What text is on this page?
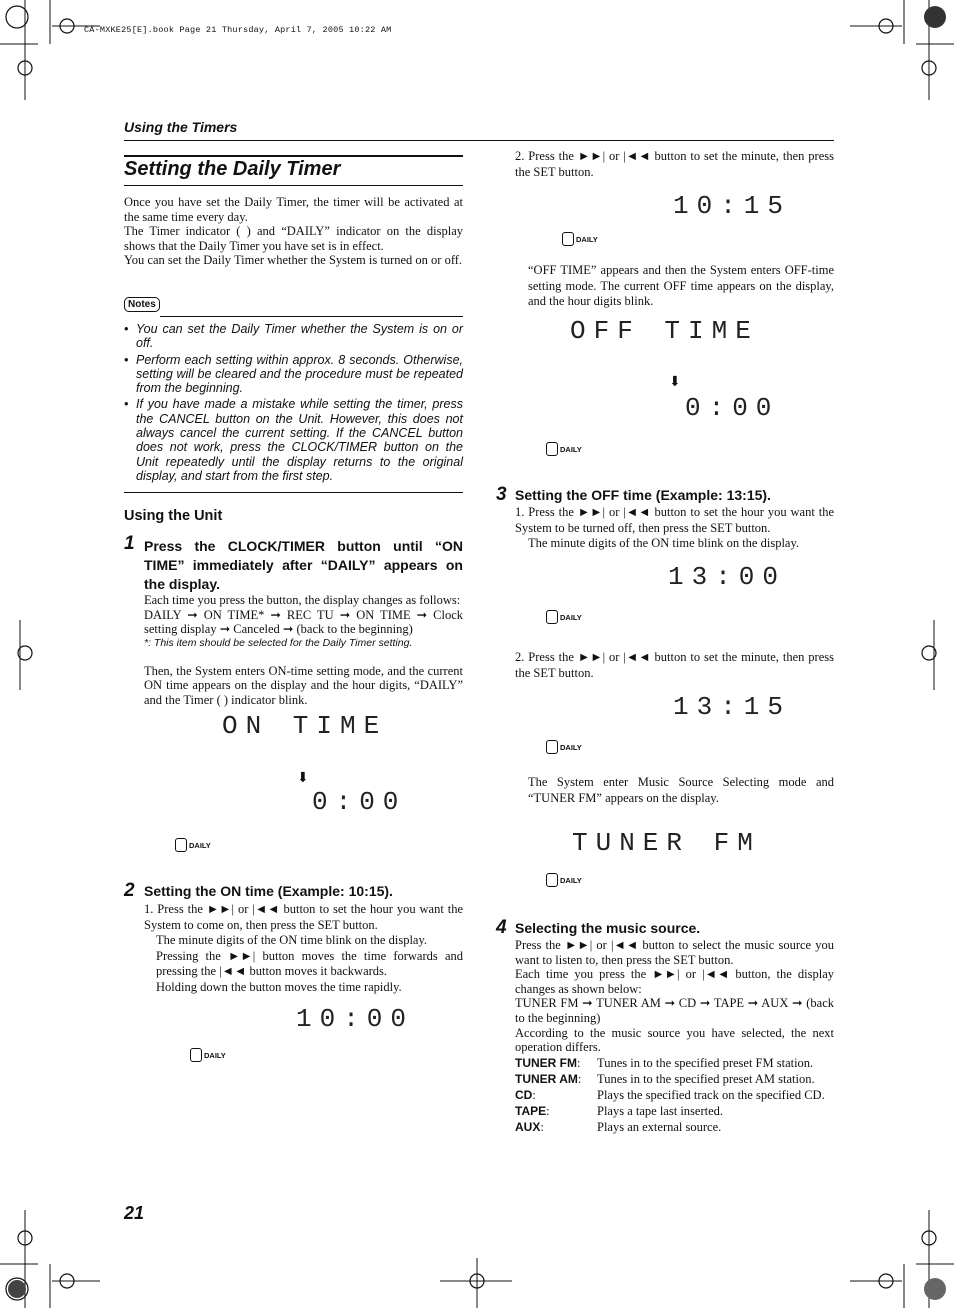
CA-MXKE25[E].book Page 21 Thursday, April 7, 2005 10:22 AM
Using the Timers
Setting the Daily Timer

Once you have set the Daily Timer, the timer will be activated at the same time every day.

The Timer indicator ( ) and “DAILY” indicator on the display shows that the Daily Timer you have set is in effect.

You can set the Daily Timer whether the System is turned on or off.

Notes
• You can set the Daily Timer whether the System is on or off.
• Perform each setting within approx. 8 seconds. Otherwise, setting will be cleared and the procedure must be repeated from the beginning.
• If you have made a mistake while setting the timer, press the CANCEL button on the Unit. However, this does not always cancel the current setting. If the CANCEL button does not work, press the CLOCK/TIMER button on the Unit repeatedly until the display returns to the original display, and start from the first step.
Using the Unit
1 Press the CLOCK/TIMER button until “ON TIME” immediately after “DAILY” appears on the display.

Each time you press the button, the display changes as follows:

DAILY ➞ ON TIME* ➞ REC TU ➞ ON TIME ➞ Clock setting display ➞ Canceled ➞ (back to the beginning)

*: This item should be selected for the Daily Timer setting.

Then, the System enters ON-time setting mode, and the current ON time appears on the display and the hour digits, “DAILY” and the Timer ( ) indicator blink.

ON TIME
⬇
0:00
DAILY
2 Setting the ON time (Example: 10:15).

1. Press the ►►| or |◄◄ button to set the hour you want the System to come on, then press the SET button.

The minute digits of the ON time blink on the display.

Pressing the ►►| button moves the time forwards and pressing the |◄◄ button moves it backwards.

Holding down the button moves the time rapidly.

10:00
DAILY

2. Press the ►►| or |◄◄ button to set the minute, then press the SET button.

10:15
DAILY

“OFF TIME” appears and then the System enters OFF-time setting mode. The current OFF time appears on the display, and the hour digits blink.

OFF TIME
⬇
0:00
DAILY
3 Setting the OFF time (Example: 13:15).

1. Press the ►►| or |◄◄ button to set the hour you want the System to be turned off, then press the SET button.

The minute digits of the ON time blink on the display.

13:00
DAILY

2. Press the ►►| or |◄◄ button to set the minute, then press the SET button.

13:15
DAILY

The System enter Music Source Selecting mode and “TUNER FM” appears on the display.

TUNER FM
DAILY
4 Selecting the music source.

Press the ►►| or |◄◄ button to select the music source you want to listen to, then press the SET button.

Each time you press the ►►| or |◄◄ button, the display changes as shown below:

TUNER FM ➞ TUNER AM ➞ CD ➞ TAPE ➞ AUX ➞ (back to the beginning)

According to the music source you have selected, the next operation differs.

TUNER FM:	Tunes in to the specified preset FM station.
TUNER AM:	Tunes in to the specified preset AM station.
CD:	Plays the specified track on the specified CD.
TAPE:	Plays a tape last inserted.
AUX:	Plays an external source.
21
